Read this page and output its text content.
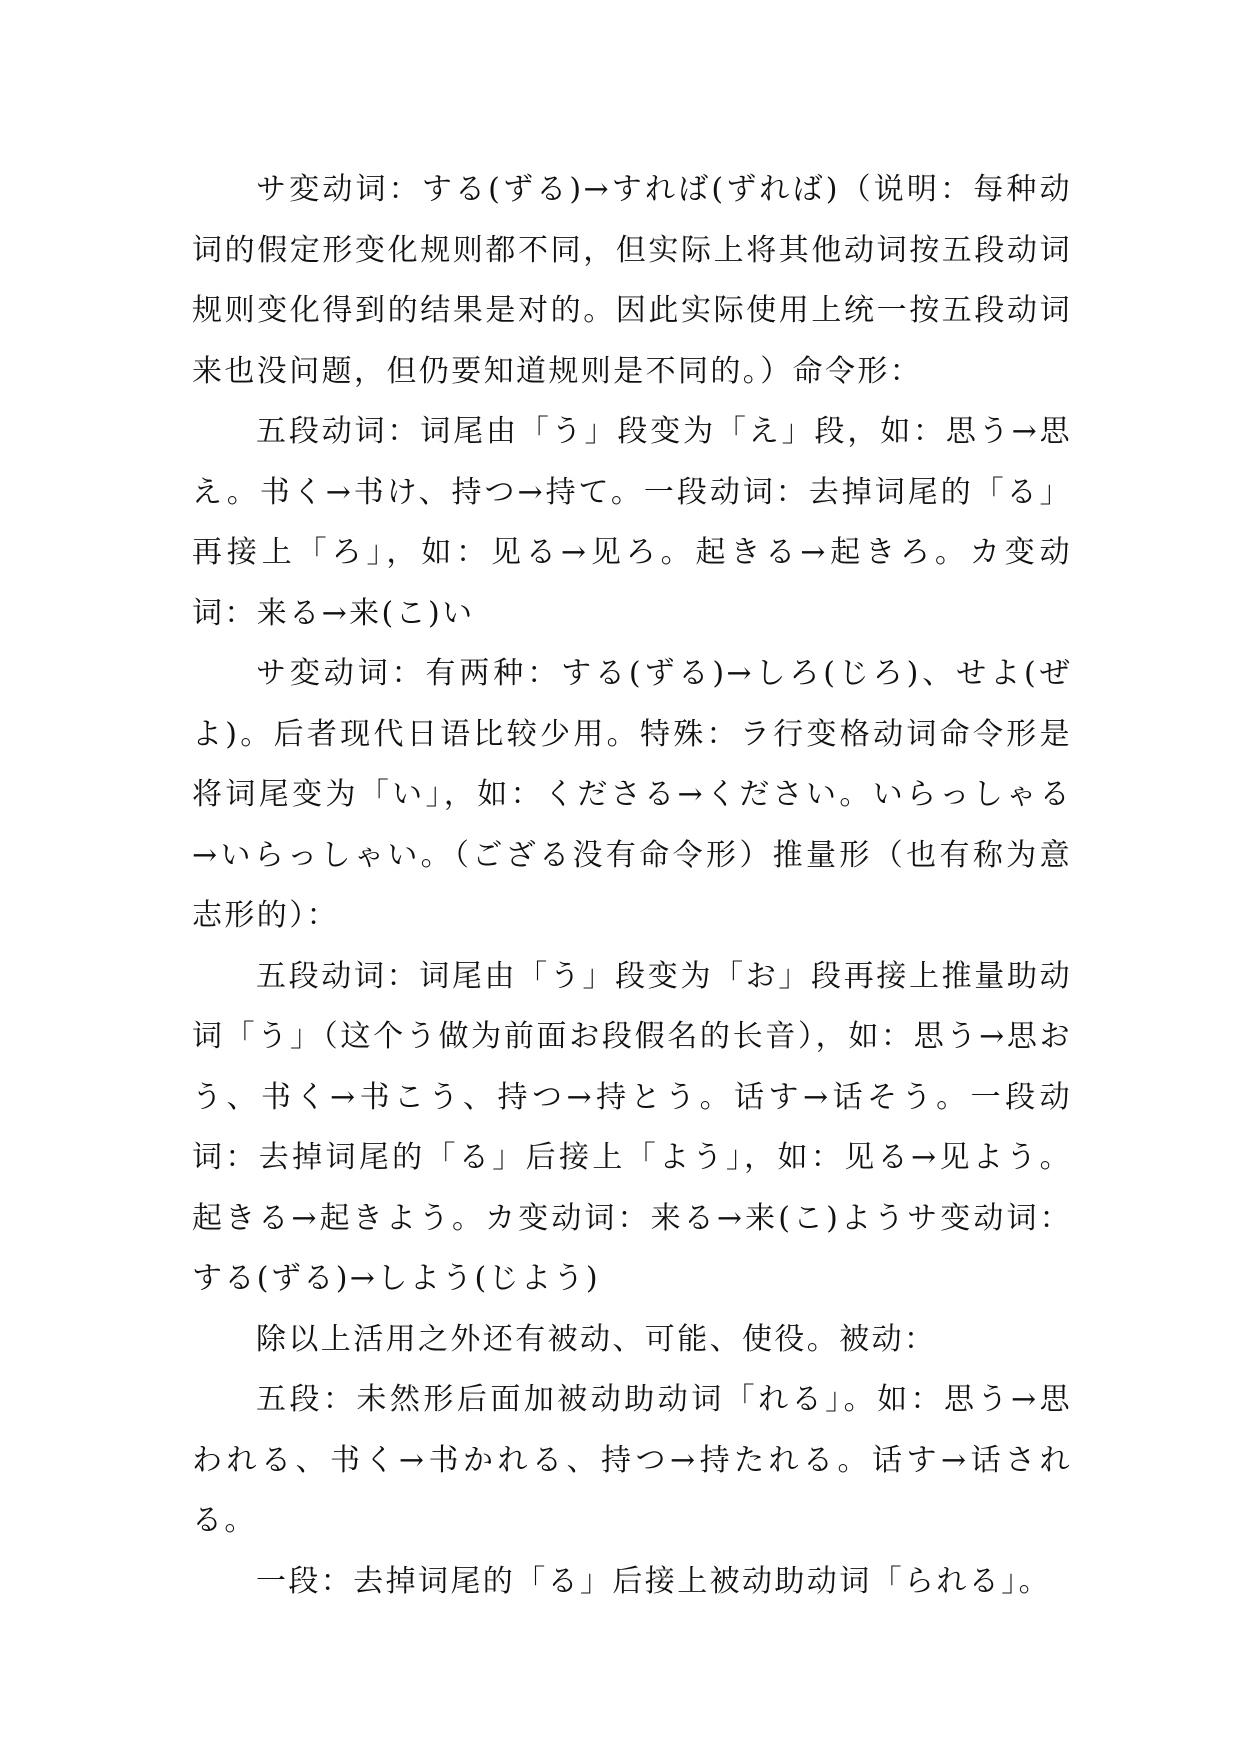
サ変动词：する(ずる)→すれば(ずれば)（说明：每种动词的假定形变化规则都不同，但实际上将其他动词按五段动词规则变化得到的结果是对的。因此实际使用上统一按五段动词来也没问题，但仍要知道规则是不同的。）命令形：

五段动词：词尾由「う」段变为「え」段，如：思う→思え。书く→书け、持つ→持て。一段动词：去掉词尾的「る」再接上「ろ」，如：见る→见ろ。起きる→起きろ。カ变动词：来る→来(こ)い

サ変动词：有两种：する(ずる)→しろ(じろ)、せよ(ぜよ)。后者现代日语比较少用。特殊：ラ行变格动词命令形是将词尾变为「い」，如：くださる→ください。いらっしゃる→いらっしゃい。（ござる没有命令形）推量形（也有称为意志形的）：

五段动词：词尾由「う」段变为「お」段再接上推量助动词「う」（这个う做为前面お段假名的长音），如：思う→思おう、书く→书こう、持つ→持とう。话す→话そう。一段动词：去掉词尾的「る」后接上「よう」，如：见る→见よう。起きる→起きよう。カ变动词：来る→来(こ)ようサ变动词：する(ずる)→しよう(じよう)

除以上活用之外还有被动、可能、使役。被动：

五段：未然形后面加被动助动词「れる」。如：思う→思われる、书く→书かれる、持つ→持たれる。话す→话される。

一段：去掉词尾的「る」后接上被动助动词「られる」。
